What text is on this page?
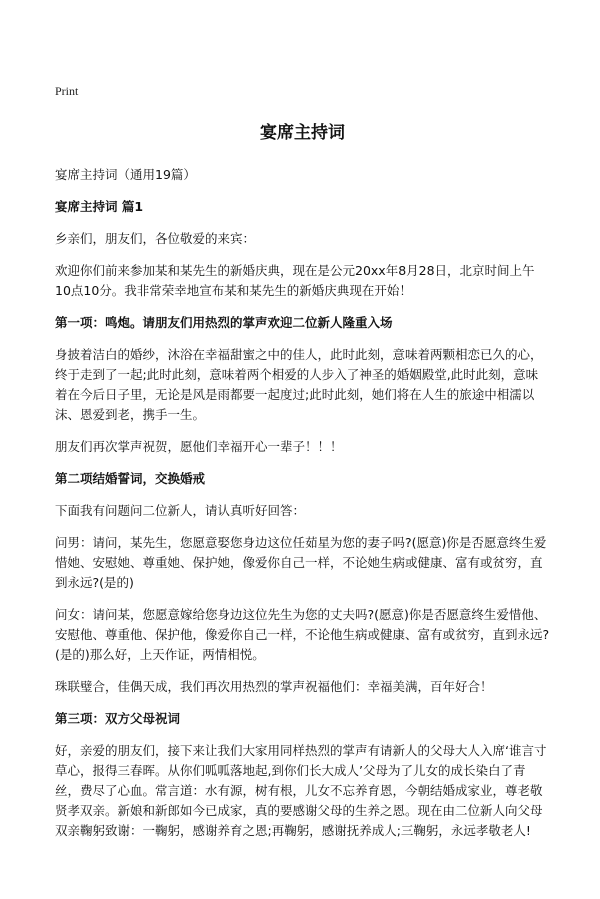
Print
宴席主持词

宴席主持词（通用19篇）

宴席主持词 篇1

乡亲们，朋友们，各位敬爱的来宾：

欢迎你们前来参加某和某先生的新婚庆典，现在是公元20xx年8月28日，北京时间上午10点10分。我非常荣幸地宣布某和某先生的新婚庆典现在开始！

第一项：鸣炮。请朋友们用热烈的掌声欢迎二位新人隆重入场

身披着洁白的婚纱，沐浴在幸福甜蜜之中的佳人，此时此刻，意味着两颗相恋已久的心，终于走到了一起;此时此刻，意味着两个相爱的人步入了神圣的婚姻殿堂,此时此刻，意味着在今后日子里，无论是风是雨都要一起度过;此时此刻，她们将在人生的旅途中相濡以沫、恩爱到老，携手一生。

朋友们再次掌声祝贺，愿他们幸福开心一辈子！！！

第二项结婚誓词，交换婚戒

下面我有问题问二位新人，请认真听好回答：

问男：请问，某先生，您愿意娶您身边这位任茹星为您的妻子吗?(愿意)你是否愿意终生爱惜她、安慰她、尊重她、保护她，像爱你自己一样，不论她生病或健康、富有或贫穷，直到永远?(是的)

问女：请问某，您愿意嫁给您身边这位先生为您的丈夫吗?(愿意)你是否愿意终生爱惜他、安慰他、尊重他、保护他，像爱你自己一样，不论他生病或健康、富有或贫穷，直到永远?(是的)那么好，上天作证，两情相悦。

珠联璧合，佳偶天成，我们再次用热烈的掌声祝福他们：幸福美满，百年好合！

第三项：双方父母祝词

好，亲爱的朋友们，接下来让我们大家用同样热烈的掌声有请新人的父母大人入席‘谁言寸草心，报得三春晖。从你们呱呱落地起,到你们长大成人’父母为了儿女的成长染白了青丝，费尽了心血。常言道：水有源，树有根，儿女不忘养育恩，今朝结婚成家业，尊老敬贤孝双亲。新娘和新郎如今已成家，真的要感谢父母的生养之恩。现在由二位新人向父母双亲鞠躬致谢：一鞠躬，感谢养育之恩;再鞠躬，感谢抚养成人;三鞠躬，永远孝敬老人!
